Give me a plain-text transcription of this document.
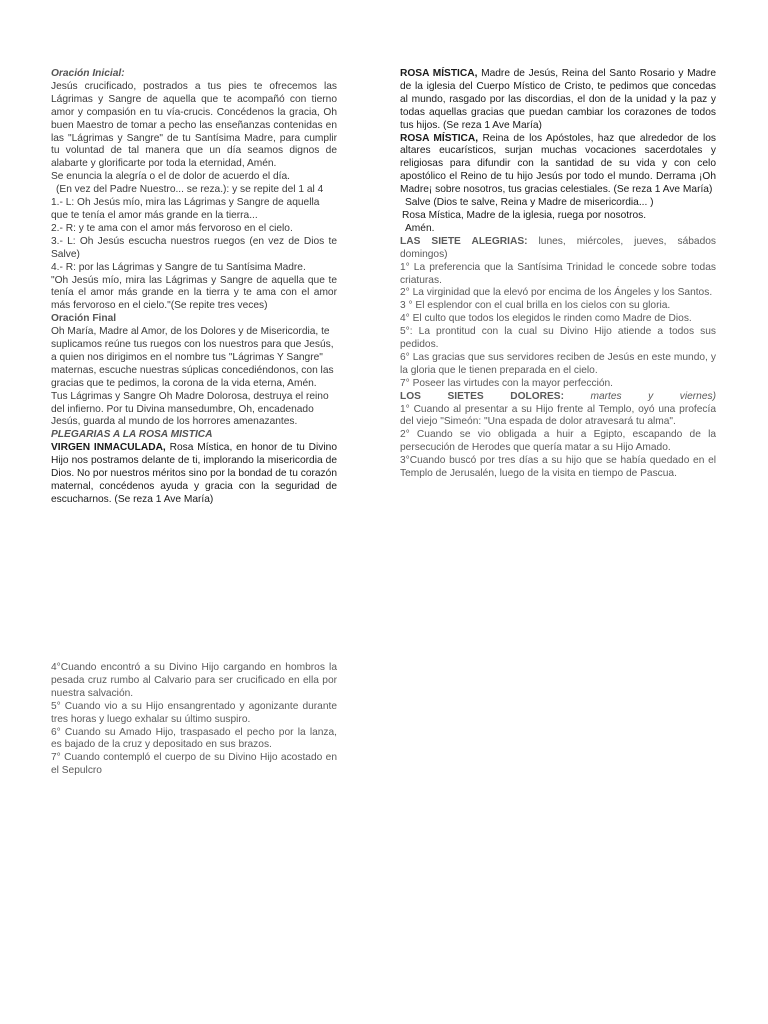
Oración Inicial:

Jesús crucificado, postrados a tus pies te ofrecemos las Lágrimas y Sangre de aquella que te acompañó con tierno amor y compasión en tu vía-crucis. Concédenos la gracia, Oh buen Maestro de tomar a pecho las enseñanzas contenidas en las "Lágrimas y Sangre" de tu Santísima Madre, para cumplir tu voluntad de tal manera que un día seamos dignos de alabarte y glorificarte por toda la eternidad, Amén.

Se enuncia la alegría o el de dolor de acuerdo el día.

(En vez del Padre Nuestro... se reza.): y se repite del 1 al 4

1.- L: Oh Jesús mío, mira las Lágrimas y Sangre de aquella que te tenía el amor más grande en la tierra...

2.- R: y te ama con el amor más fervoroso en el cielo.

3.- L: Oh Jesús escucha nuestros ruegos (en vez de Dios te Salve)

4.- R: por las Lágrimas y Sangre de tu Santísima Madre.

"Oh Jesús mío, mira las Lágrimas y Sangre de aquella que te tenía el amor más grande en la tierra y te ama con el amor más fervoroso en el cielo."(Se repite tres veces)

Oración Final

Oh María, Madre al Amor, de los Dolores y de Misericordia, te suplicamos reúne tus ruegos con los nuestros para que Jesús, a quien nos dirigimos en el nombre tus "Lágrimas Y Sangre" maternas, escuche nuestras súplicas concediéndonos, con las gracias que te pedimos, la corona de la vida eterna, Amén.

Tus Lágrimas y Sangre Oh Madre Dolorosa, destruya el reino del infierno. Por tu Divina mansedumbre, Oh, encadenado Jesús, guarda al mundo de los horrores amenazantes.

PLEGARIAS A LA ROSA MISTICA

VIRGEN INMACULADA, Rosa Mística, en honor de tu Divino Hijo nos postramos delante de ti, implorando la misericordia de Dios. No por nuestros méritos sino por la bondad de tu corazón maternal, concédenos ayuda y gracia con la seguridad de escucharnos. (Se reza 1 Ave María)

ROSA MÍSTICA, Madre de Jesús, Reina del Santo Rosario y Madre de la iglesia del Cuerpo Místico de Cristo, te pedimos que concedas al mundo, rasgado por las discordias, el don de la unidad y la paz y todas aquellas gracias que puedan cambiar los corazones de todos tus hijos. (Se reza 1 Ave María)

ROSA MÍSTICA, Reina de los Apóstoles, haz que alrededor de los altares eucarísticos, surjan muchas vocaciones sacerdotales y religiosas para difundir con la santidad de su vida y con celo apostólico el Reino de tu hijo Jesús por todo el mundo. Derrama ¡Oh Madre¡ sobre nosotros, tus gracias celestiales. (Se reza 1 Ave María)

Salve (Dios te salve, Reina y Madre de misericordia... )

Rosa Mística, Madre de la iglesia, ruega por nosotros.

Amén.

LAS SIETE ALEGRIAS: lunes, miércoles, jueves, sábados domingos)

1° La preferencia que la Santísima Trinidad le concede sobre todas criaturas.

2° La virginidad que la elevó por encima de los Ángeles y los Santos.

3 ° El esplendor con el cual brilla en los cielos con su gloria.

4° El culto que todos los elegidos le rinden como Madre de Dios.

5°: La prontitud con la cual su Divino Hijo atiende a todos sus pedidos.

6° Las gracias que sus servidores reciben de Jesús en este mundo, y la gloria que le tienen preparada en el cielo.

7° Poseer las virtudes con la mayor perfección.

LOS SIETES DOLORES: martes y viernes)

1° Cuando al presentar a su Hijo frente al Templo, oyó una profecía del viejo "Simeón: "Una espada de dolor atravesará tu alma".

2° Cuando se vio obligada a huir a Egipto, escapando de la persecución de Herodes que quería matar a su Hijo Amado.

3°Cuando buscó por tres días a su hijo que se había quedado en el Templo de Jerusalén, luego de la visita en tiempo de Pascua.

4°Cuando encontró a su Divino Hijo cargando en hombros la pesada cruz rumbo al Calvario para ser crucificado en ella por nuestra salvación.

5° Cuando vio a su Hijo ensangrentado y agonizante durante tres horas y luego exhalar su último suspiro.

6° Cuando su Amado Hijo, traspasado el pecho por la lanza, es bajado de la cruz y depositado en sus brazos.

7° Cuando contempló el cuerpo de su Divino Hijo acostado en el Sepulcro
